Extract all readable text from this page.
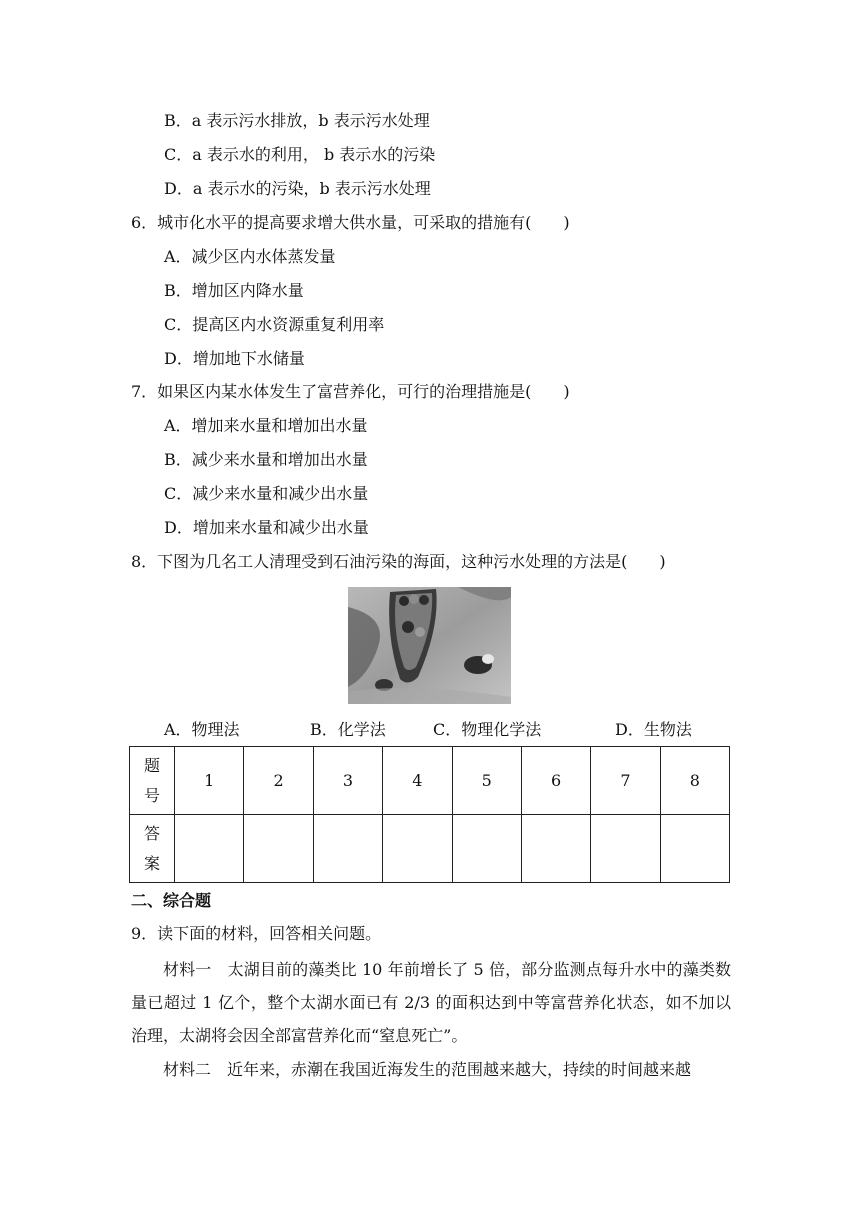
B．a 表示污水排放，b 表示污水处理
C．a 表示水的利用， b 表示水的污染
D．a 表示水的污染，b 表示污水处理
6．城市化水平的提高要求增大供水量，可采取的措施有(　　)
A．减少区内水体蒸发量
B．增加区内降水量
C．提高区内水资源重复利用率
D．增加地下水储量
7．如果区内某水体发生了富营养化，可行的治理措施是(　　)
A．增加来水量和增加出水量
B．减少来水量和增加出水量
C．减少来水量和减少出水量
D．增加来水量和减少出水量
8．下图为几名工人清理受到石油污染的海面，这种污水处理的方法是(　　)
A．物理法	B．化学法	C．物理化学法	D．生物法
题
号	1	2	3	4	5	6	7	8
答
案								
二、综合题
9．读下面的材料，回答相关问题。
材料一　太湖目前的藻类比 10 年前增长了 5 倍，部分监测点每升水中的藻类数量已超过 1 亿个，整个太湖水面已有 2/3 的面积达到中等富营养化状态，如不加以治理，太湖将会因全部富营养化而“窒息死亡”。
材料二　近年来，赤潮在我国近海发生的范围越来越大，持续的时间越来越
